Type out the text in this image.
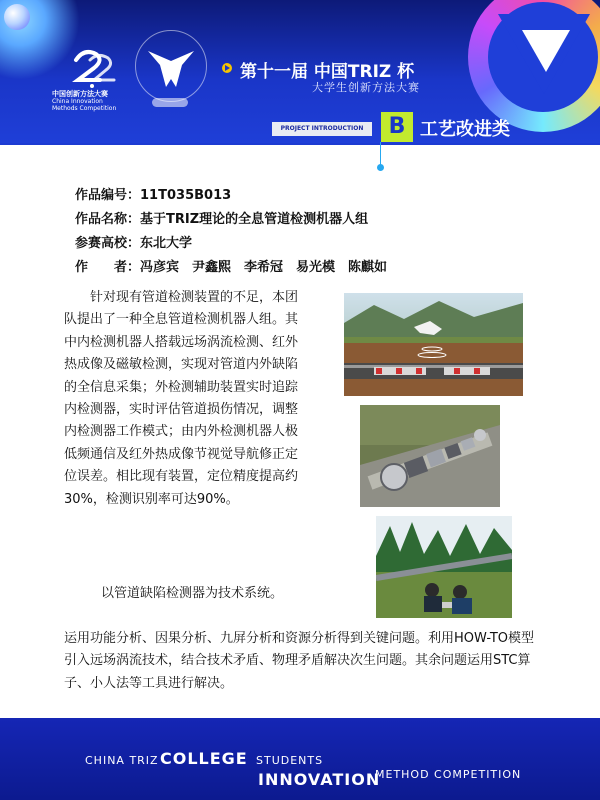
中国创新方法大赛
China Innovation
Methods Competition
第十一届 中国TRIZ 杯
大学生创新方法大赛
PROJECT INTRODUCTION	B 工艺改进类
作品编号：11T035B013
作品名称：基于TRIZ理论的全息管道检测机器人组
参赛高校：东北大学
作　　者：冯彦宾　尹鑫熙　李希冠　易光模　陈麒如
　　针对现有管道检测装置的不足，本团队提出了一种全息管道检测机器人组。其中内检测机器人搭载远场涡流检测、红外热成像及磁敏检测，实现对管道内外缺陷的全信息采集；外检测辅助装置实时追踪内检测器，实时评估管道损伤情况，调整内检测器工作模式；由内外检测机器人极低频通信及红外热成像节视觉导航修正定位误差。相比现有装置，定位精度提高约30%，检测识别率可达90%。
　　以管道缺陷检测器为技术系统。
运用功能分析、因果分析、九屏分析和资源分析得到关键问题。利用HOW-TO模型引入远场涡流技术，结合技术矛盾、物理矛盾解决次生问题。其余问题运用STC算子、小人法等工具进行解决。
CHINA TRIZ COLLEGE STUDENTS
INNOVATION
METHOD COMPETITION
